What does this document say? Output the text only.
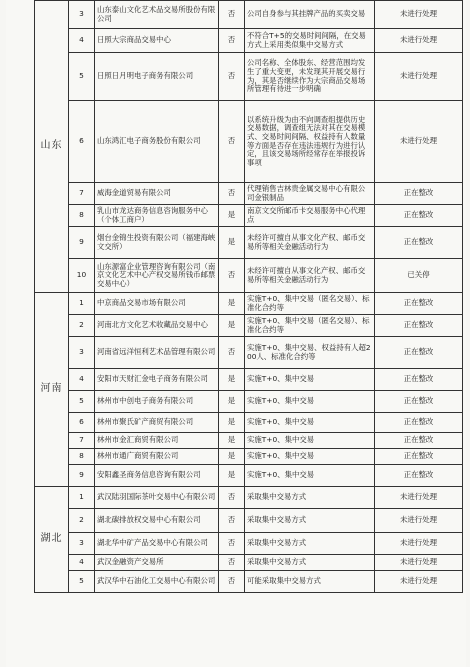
山东	3	山东泰山文化艺术品交易所股份有限公司	否	公司自身参与其挂牌产品的买卖交易	未进行处理
	4	日照大宗商品交易中心	否	不符合T+5的交易时间间隔，在交易方式上采用类似集中交易方式	未进行处理
	5	日照日月明电子商务有限公司	否	公司名称、全体股东、经营范围均发生了重大变更，未发现其开展交易行为，其是否继续作为大宗商品交易场所管理有待进一步明确	未进行处理
	6	山东鸿汇电子商务股份有限公司	否	以系统升级为由不向调查组提供历史交易数据，调查组无法对其在交易模式、交易时间间隔、权益持有人数量等方面是否存在违法违规行为进行认定，且该交易场所经常存在举报投诉事项	未进行处理
	7	威海金道贸易有限公司	否	代理销售吉林贵金属交易中心有限公司金银制品	正在整改
	8	乳山市龙达商务信息咨询服务中心（个体工商户）	是	南京文交所邮币卡交易服务中心代理点	正在整改
	9	烟台金锦生投资有限公司（福建海峡文交所）	是	未经许可擅自从事文化产权、邮币交易所等相关金融活动行为	正在整改
	10	山东源富企业管理咨询有限公司（南京文化艺术中心产权交易所钱币邮票交易中心）	否	未经许可擅自从事文化产权、邮币交易所等相关金融活动行为	已关停
河南	1	中京商品交易市场有限公司	是	实施T+0、集中交易（匿名交易）、标准化合约等	正在整改
	2	河南北方文化艺术收藏品交易中心	是	实施T+0、集中交易（匿名交易）、标准化合约等	正在整改
	3	河南省远洋恒利艺术品管理有限公司	否	实施T+0、集中交易、权益持有人超200人、标准化合约等	正在整改
	4	安阳市天财汇金电子商务有限公司	是	实施T+0、集中交易	正在整改
	5	林州市中创电子商务有限公司	是	实施T+0、集中交易	正在整改
	6	林州市聚氏矿产商贸有限公司	是	实施T+0、集中交易	正在整改
	7	林州市金汇商贸有限公司	是	实施T+0、集中交易	正在整改
	8	林州市通广商贸有限公司	是	实施T+0、集中交易	正在整改
	9	安阳鑫圣商务信息咨询有限公司	是	实施T+0、集中交易	正在整改
湖北	1	武汉陆羽国际茶叶交易中心有限公司	否	采取集中交易方式	未进行处理
	2	湖北碳排放权交易中心有限公司	否	采取集中交易方式	未进行处理
	3	湖北华中矿产品交易中心有限公司	否	采取集中交易方式	未进行处理
	4	武汉金融资产交易所	否	采取集中交易方式	未进行处理
	5	武汉华中石油化工交易中心有限公司	否	可能采取集中交易方式	未进行处理
